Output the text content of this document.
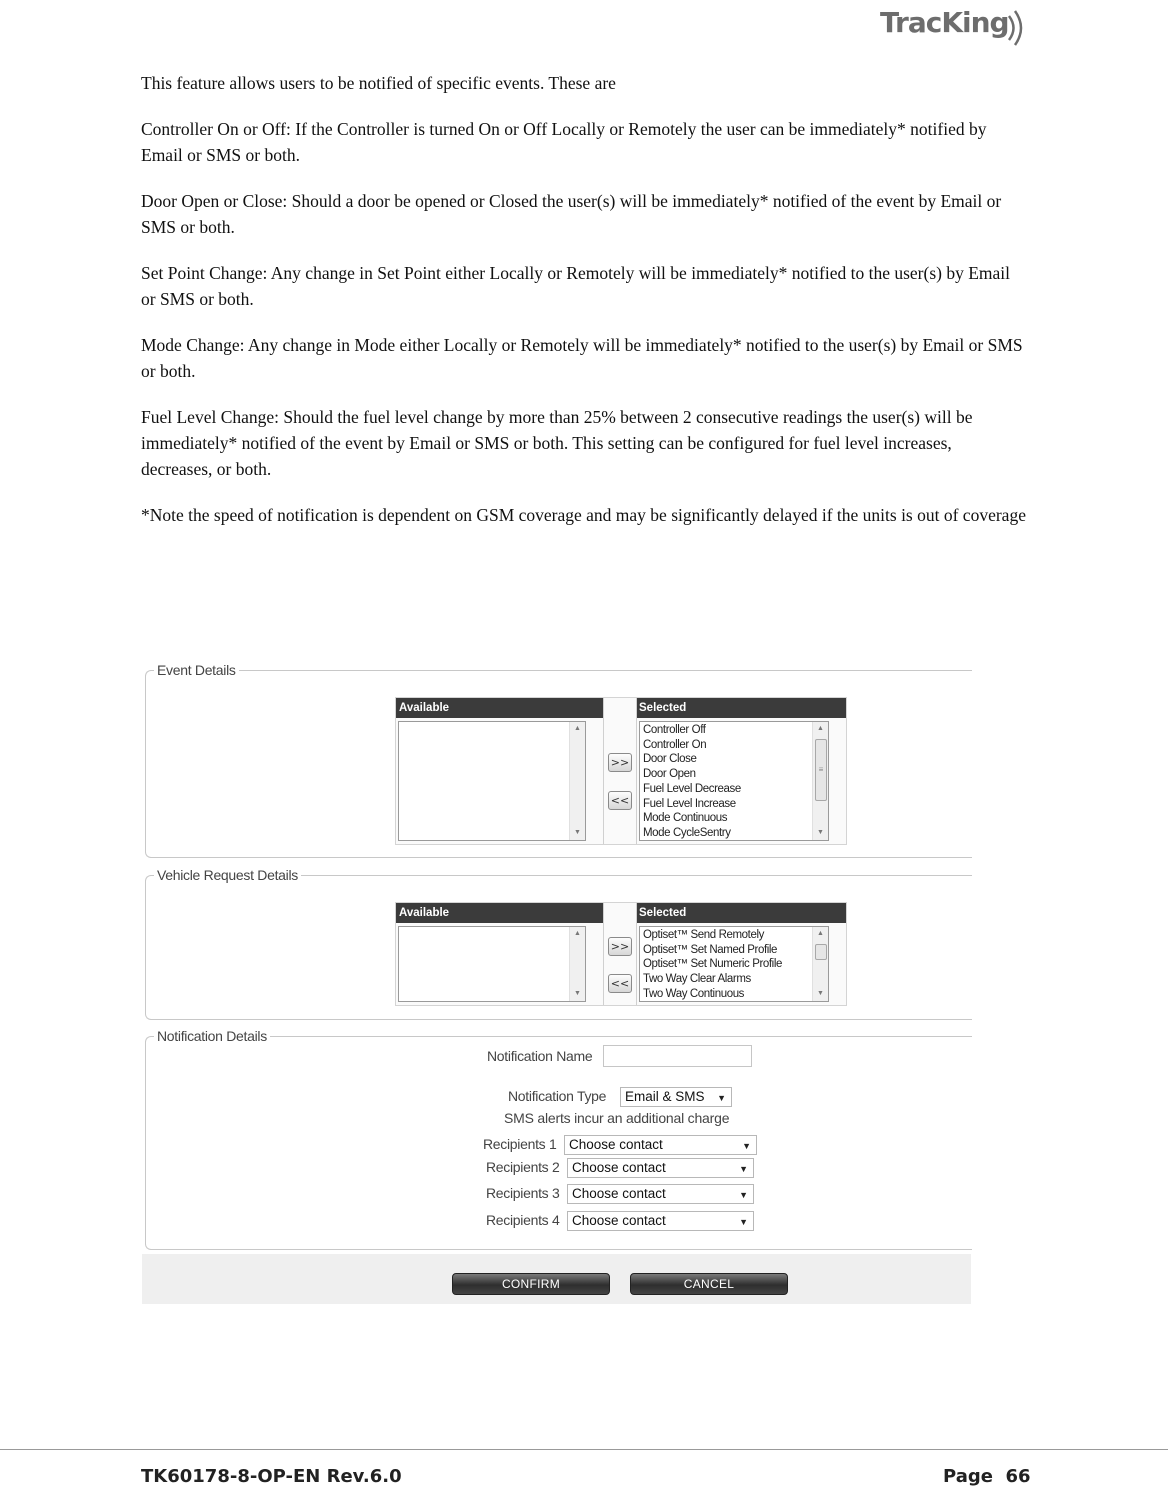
TracKing

This feature allows users to be notified of specific events. These are

Controller On or Off: If the Controller is turned On or Off Locally or Remotely the user can be immediately* notified by Email or SMS or both.

Door Open or Close: Should a door be opened or Closed the user(s) will be immediately* notified of the event by Email or SMS or both.

Set Point Change: Any change in Set Point either Locally or Remotely will be immediately* notified to the user(s) by Email or SMS or both.

Mode Change: Any change in Mode either Locally or Remotely will be immediately* notified to the user(s) by Email or SMS or both.

Fuel Level Change: Should the fuel level change by more than 25% between 2 consecutive readings the user(s) will be immediately* notified of the event by Email or SMS or both. This setting can be configured for fuel level increases, decreases, or both.

*Note the speed of notification is dependent on GSM coverage and may be significantly delayed if the units is out of coverage

Event Details
Available	Selected
▲
▼
>>
<<
Controller Off
Controller On
Door Close
Door Open
Fuel Level Decrease
Fuel Level Increase
Mode Continuous
Mode CycleSentry
▲
≡
▼
Vehicle Request Details
Available	Selected
▲
▼
>>
<<
Optiset™ Send Remotely
Optiset™ Set Named Profile
Optiset™ Set Numeric Profile
Two Way Clear Alarms
Two Way Continuous
▲
▼
Notification Details
Notification Name
Notification Type	Email & SMS ▼
SMS alerts incur an additional charge
Recipients 1 Choose contact	▼
Recipients 2 Choose contact	▼
Recipients 3 Choose contact	▼
Recipients 4 Choose contact	▼
CONFIRM	CANCEL
TK60178-8-OP-EN Rev.6.0	Page  66
